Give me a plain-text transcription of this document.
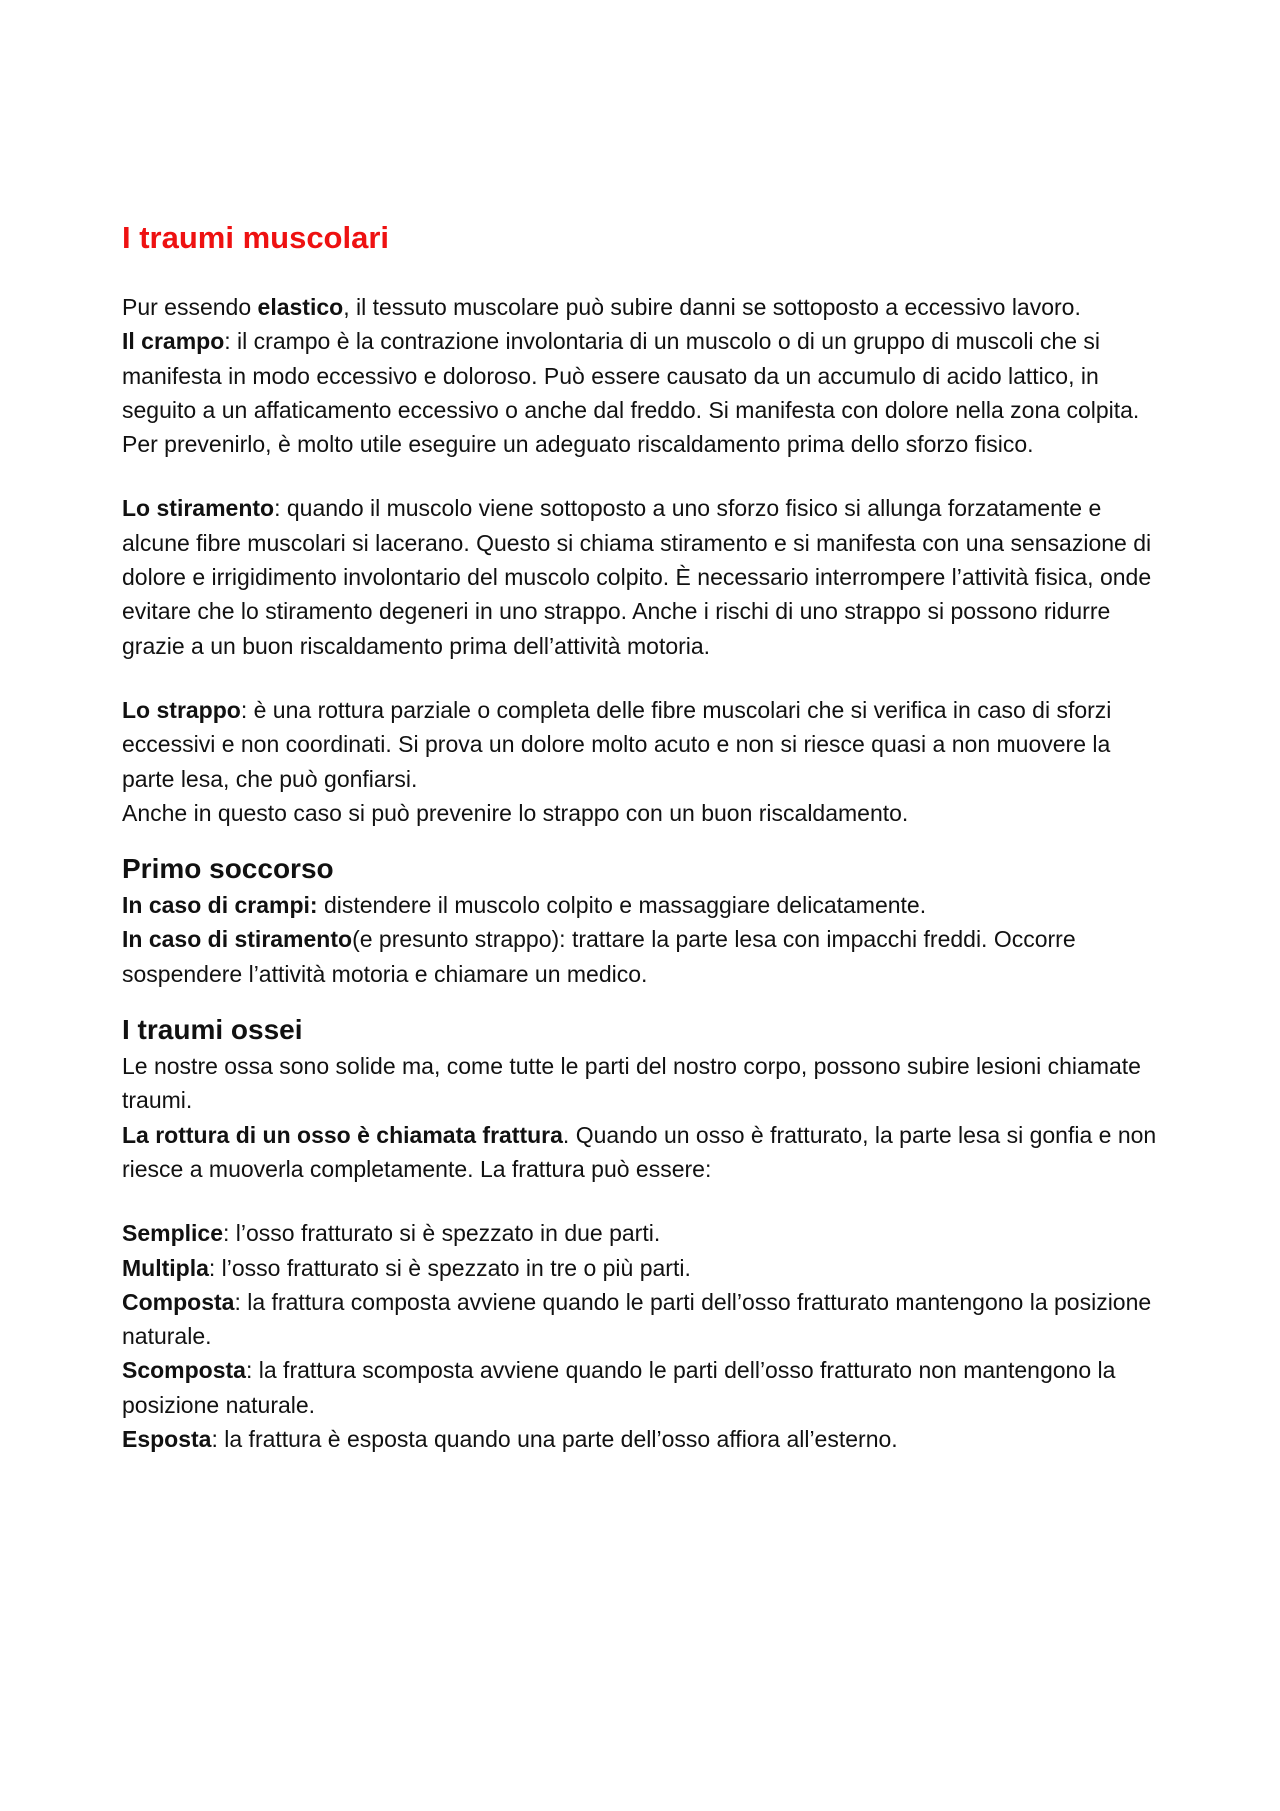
I traumi muscolari

Pur essendo elastico, il tessuto muscolare può subire danni se sottoposto a eccessivo lavoro.

Il crampo: il crampo è la contrazione involontaria di un muscolo o di un gruppo di muscoli che si manifesta in modo eccessivo e doloroso. Può essere causato da un accumulo di acido lattico, in seguito a un affaticamento eccessivo o anche dal freddo. Si manifesta con dolore nella zona colpita. Per prevenirlo, è molto utile eseguire un adeguato riscaldamento prima dello sforzo fisico.

Lo stiramento: quando il muscolo viene sottoposto a uno sforzo fisico si allunga forzatamente e alcune fibre muscolari si lacerano. Questo si chiama stiramento e si manifesta con una sensazione di dolore e irrigidimento involontario del muscolo colpito. È necessario interrompere l’attività fisica, onde evitare che lo stiramento degeneri in uno strappo. Anche i rischi di uno strappo si possono ridurre grazie a un buon riscaldamento prima dell’attività motoria.

Lo strappo: è una rottura parziale o completa delle fibre muscolari che si verifica in caso di sforzi eccessivi e non coordinati. Si prova un dolore molto acuto e non si riesce quasi a non muovere la parte lesa, che può gonfiarsi.

Anche in questo caso si può prevenire lo strappo con un buon riscaldamento.

Primo soccorso

In caso di crampi: distendere il muscolo colpito e massaggiare delicatamente.

In caso di stiramento(e presunto strappo): trattare la parte lesa con impacchi freddi. Occorre sospendere l’attività motoria e chiamare un medico.

I traumi ossei

Le nostre ossa sono solide ma, come tutte le parti del nostro corpo, possono subire lesioni chiamate traumi.

La rottura di un osso è chiamata frattura. Quando un osso è fratturato, la parte lesa si gonfia e non riesce a muoverla completamente. La frattura può essere:

Semplice: l’osso fratturato si è spezzato in due parti.

Multipla: l’osso fratturato si è spezzato in tre o più parti.

Composta: la frattura composta avviene quando le parti dell’osso fratturato mantengono la posizione naturale.

Scomposta: la frattura scomposta avviene quando le parti dell’osso fratturato non mantengono la posizione naturale.

Esposta: la frattura è esposta quando una parte dell’osso affiora all’esterno.
